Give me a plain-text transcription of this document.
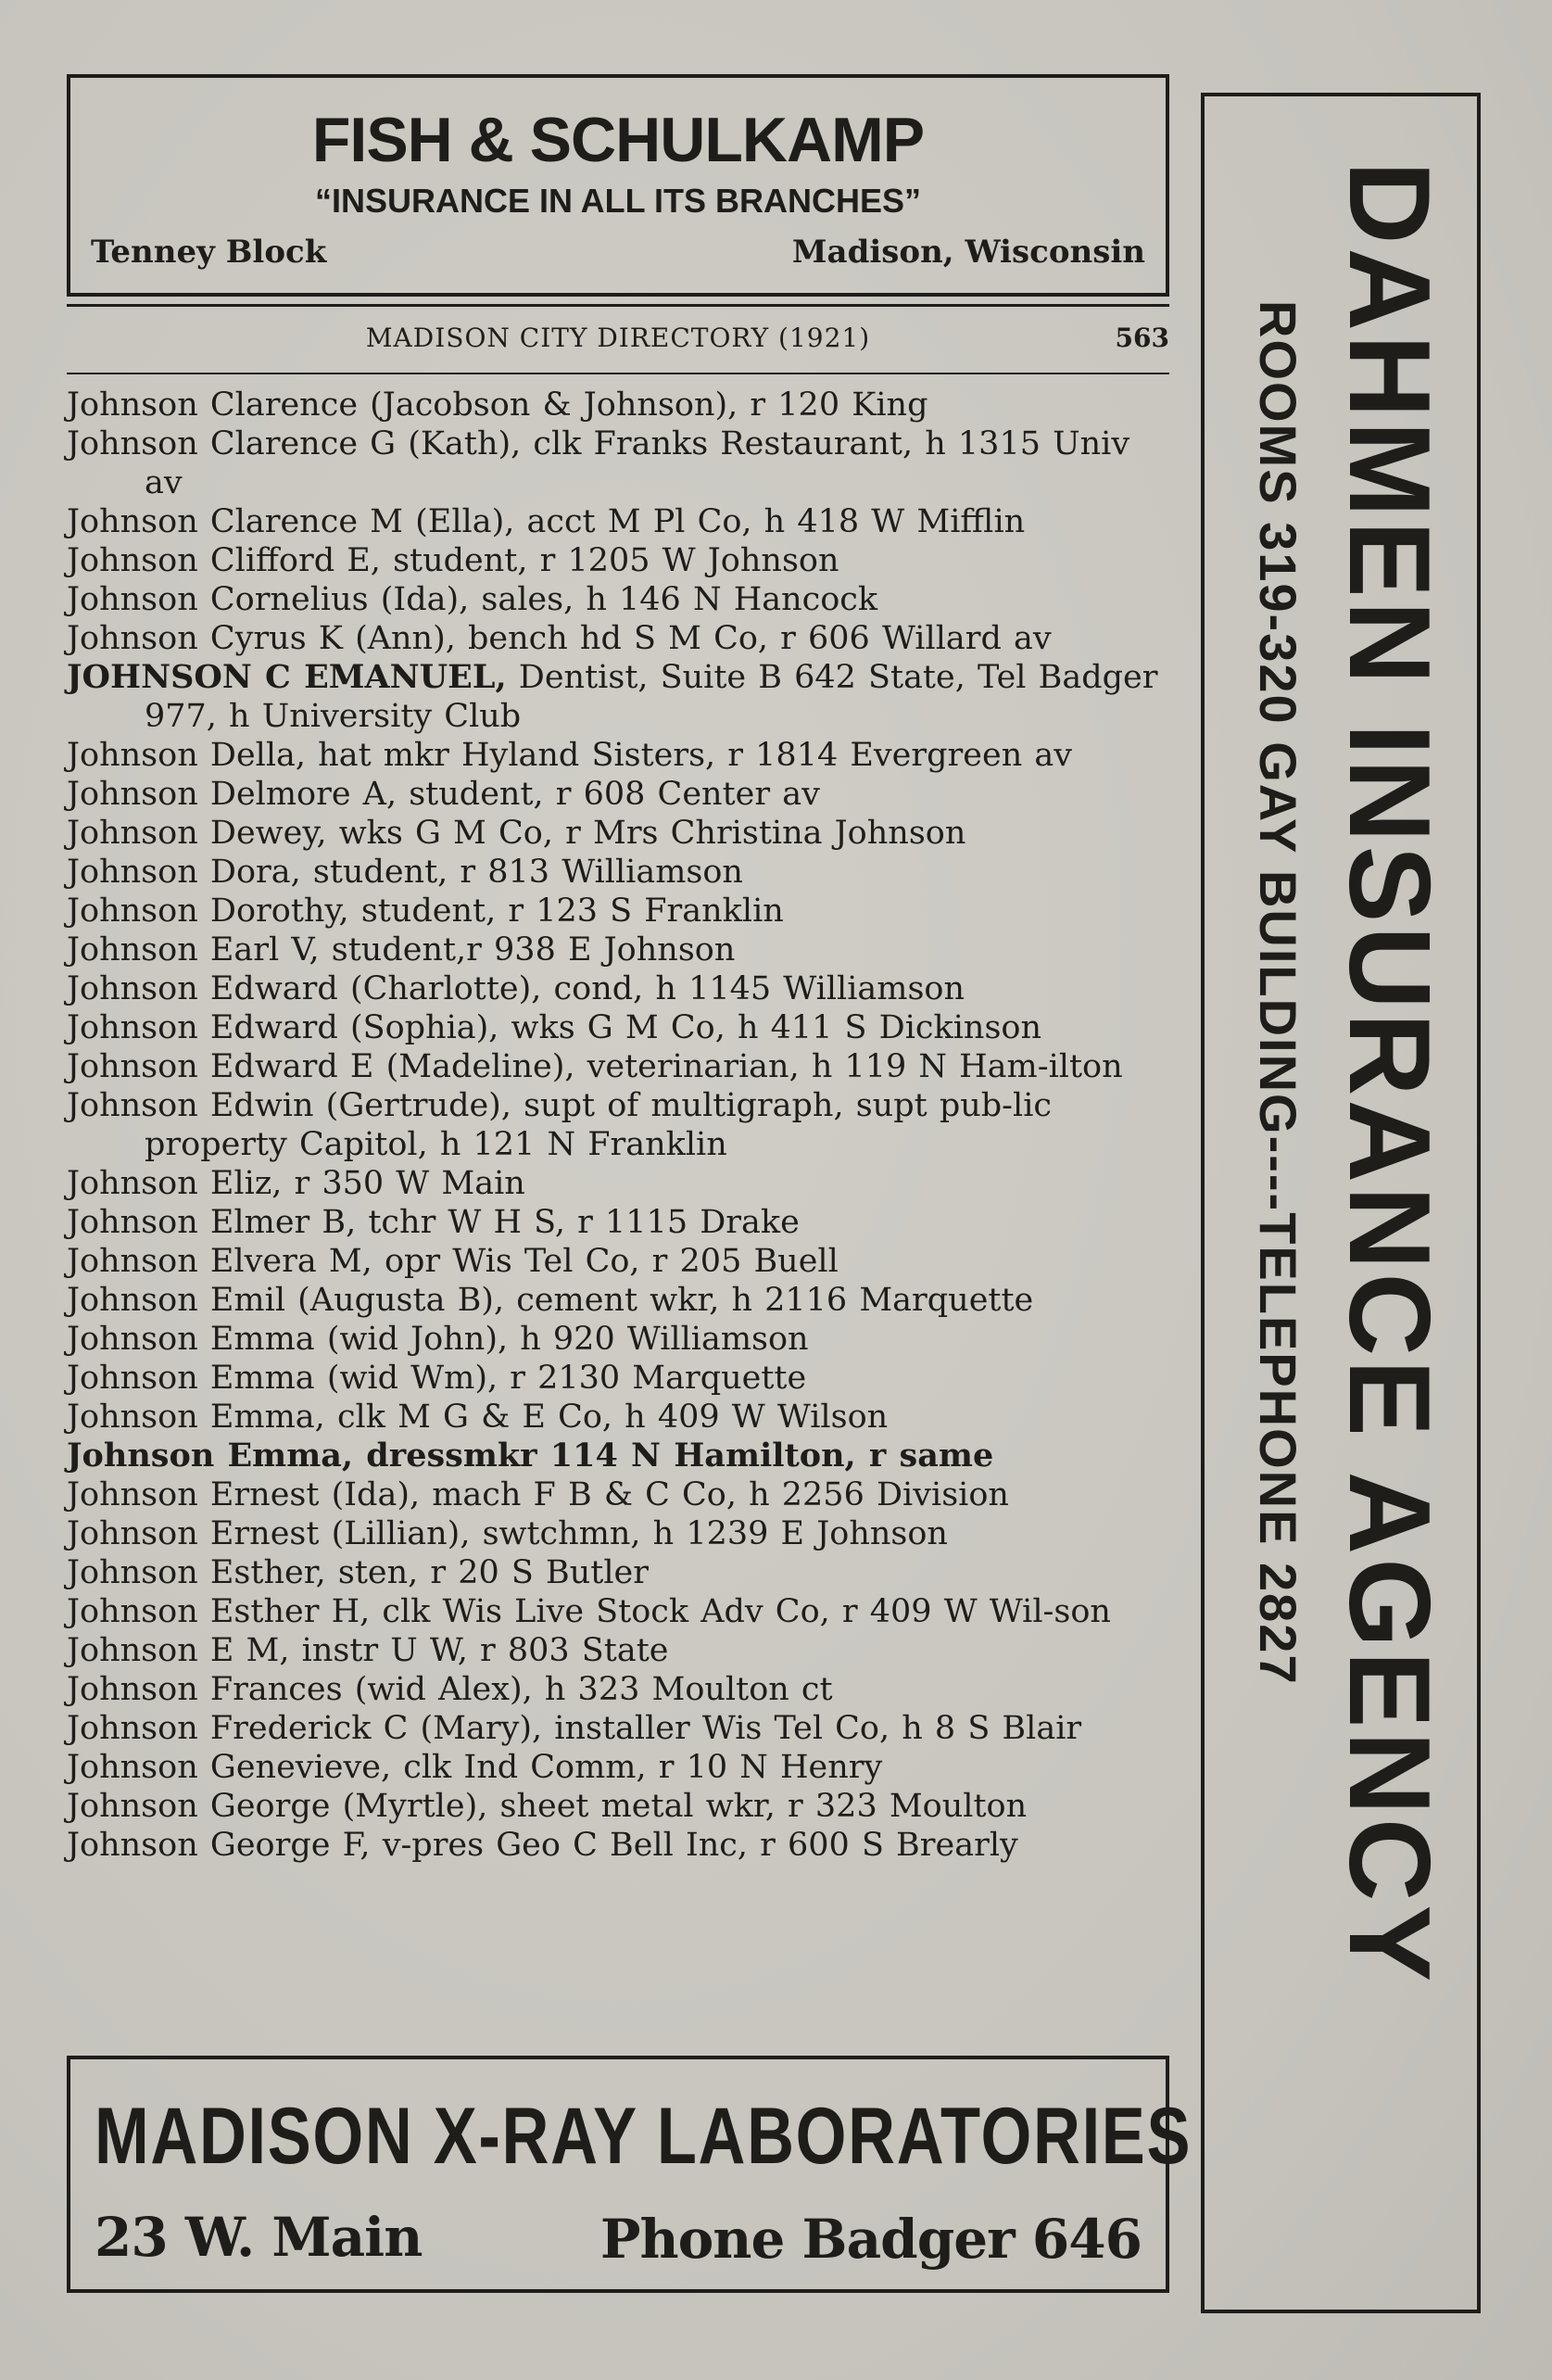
FISH & SCHULKAMP
“INSURANCE IN ALL ITS BRANCHES”
Tenney Block	Madison, Wisconsin
MADISON CITY DIRECTORY (1921)	563
Johnson Clarence (Jacobson & Johnson), r 120 King
Johnson Clarence G (Kath), clk Franks Restaurant, h 1315 Univ av
Johnson Clarence M (Ella), acct M Pl Co, h 418 W Mifflin
Johnson Clifford E, student, r 1205 W Johnson
Johnson Cornelius (Ida), sales, h 146 N Hancock
Johnson Cyrus K (Ann), bench hd S M Co, r 606 Willard av
JOHNSON C EMANUEL, Dentist, Suite B 642 State, Tel Badger 977, h University Club
Johnson Della, hat mkr Hyland Sisters, r 1814 Evergreen av
Johnson Delmore A, student, r 608 Center av
Johnson Dewey, wks G M Co, r Mrs Christina Johnson
Johnson Dora, student, r 813 Williamson
Johnson Dorothy, student, r 123 S Franklin
Johnson Earl V, student,r 938 E Johnson
Johnson Edward (Charlotte), cond, h 1145 Williamson
Johnson Edward (Sophia), wks G M Co, h 411 S Dickinson
Johnson Edward E (Madeline), veterinarian, h 119 N Ham-ilton
Johnson Edwin (Gertrude), supt of multigraph, supt pub-lic property Capitol, h 121 N Franklin
Johnson Eliz, r 350 W Main
Johnson Elmer B, tchr W H S, r 1115 Drake
Johnson Elvera M, opr Wis Tel Co, r 205 Buell
Johnson Emil (Augusta B), cement wkr, h 2116 Marquette
Johnson Emma (wid John), h 920 Williamson
Johnson Emma (wid Wm), r 2130 Marquette
Johnson Emma, clk M G & E Co, h 409 W Wilson
Johnson Emma, dressmkr 114 N Hamilton, r same
Johnson Ernest (Ida), mach F B & C Co, h 2256 Division
Johnson Ernest (Lillian), swtchmn, h 1239 E Johnson
Johnson Esther, sten, r 20 S Butler
Johnson Esther H, clk Wis Live Stock Adv Co, r 409 W Wil-son
Johnson E M, instr U W, r 803 State
Johnson Frances (wid Alex), h 323 Moulton ct
Johnson Frederick C (Mary), installer Wis Tel Co, h 8 S Blair
Johnson Genevieve, clk Ind Comm, r 10 N Henry
Johnson George (Myrtle), sheet metal wkr, r 323 Moulton
Johnson George F, v-pres Geo C Bell Inc, r 600 S Brearly
MADISON X-RAY LABORATORIES
23 W. Main	Phone Badger 646
DAHMEN INSURANCE AGENCY
ROOMS 319-320 GAY BUILDING----TELEPHONE 2827
